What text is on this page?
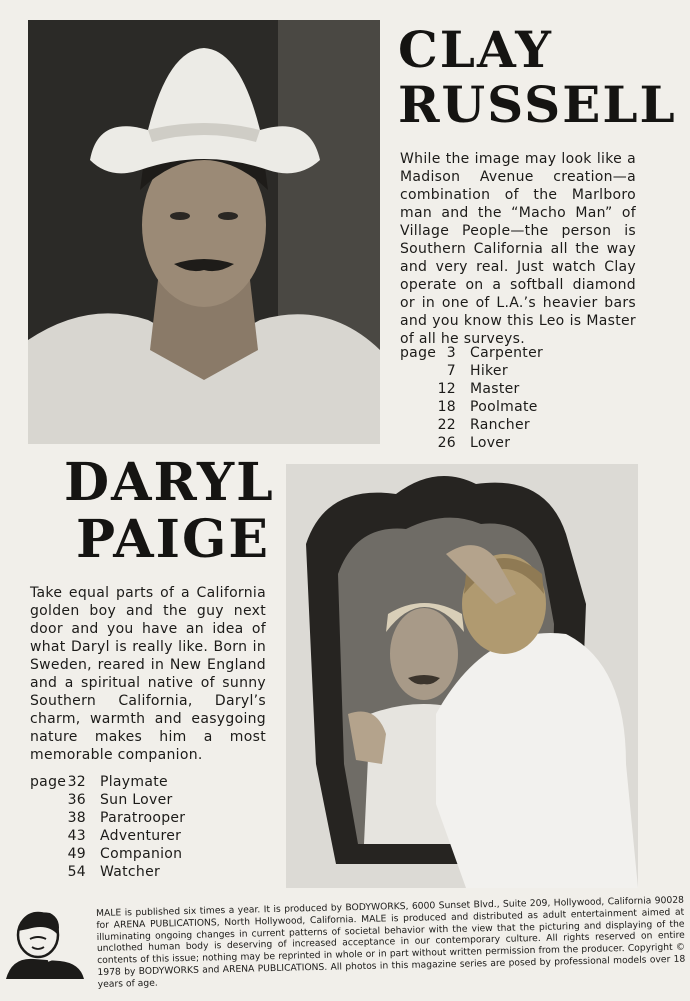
CLAY
RUSSELL

While the image may look like a Madison Avenue creation—a combination of the Marlboro man and the “Macho Man” of Village People—the person is Southern California all the way and very real. Just watch Clay operate on a softball diamond or in one of L.A.’s heavier bars and you know this Leo is Master of all he surveys.

page 3 Carpenter
7 Hiker
12 Master
18 Poolmate
22 Rancher
26 Lover
DARYL
PAIGE

Take equal parts of a California golden boy and the guy next door and you have an idea of what Daryl is really like. Born in Sweden, reared in New England and a spiritual native of sunny Southern California, Daryl’s charm, warmth and easygoing nature makes him a most memorable companion.

page 32 Playmate
36 Sun Lover
38 Paratrooper
43 Adventurer
49 Companion
54 Watcher

MALE is published six times a year. It is produced by BODYWORKS, 6000 Sunset Blvd., Suite 209, Hollywood, California 90028 for ARENA PUBLICATIONS, North Hollywood, California. MALE is produced and distributed as adult entertainment aimed at illuminating ongoing changes in current patterns of societal behavior with the view that the picturing and displaying of the unclothed human body is deserving of increased acceptance in our contemporary culture. All rights reserved on entire contents of this issue; nothing may be reprinted in whole or in part without written permission from the producer. Copyright © 1978 by BODYWORKS and ARENA PUBLICATIONS. All photos in this magazine series are posed by professional models over 18 years of age.
